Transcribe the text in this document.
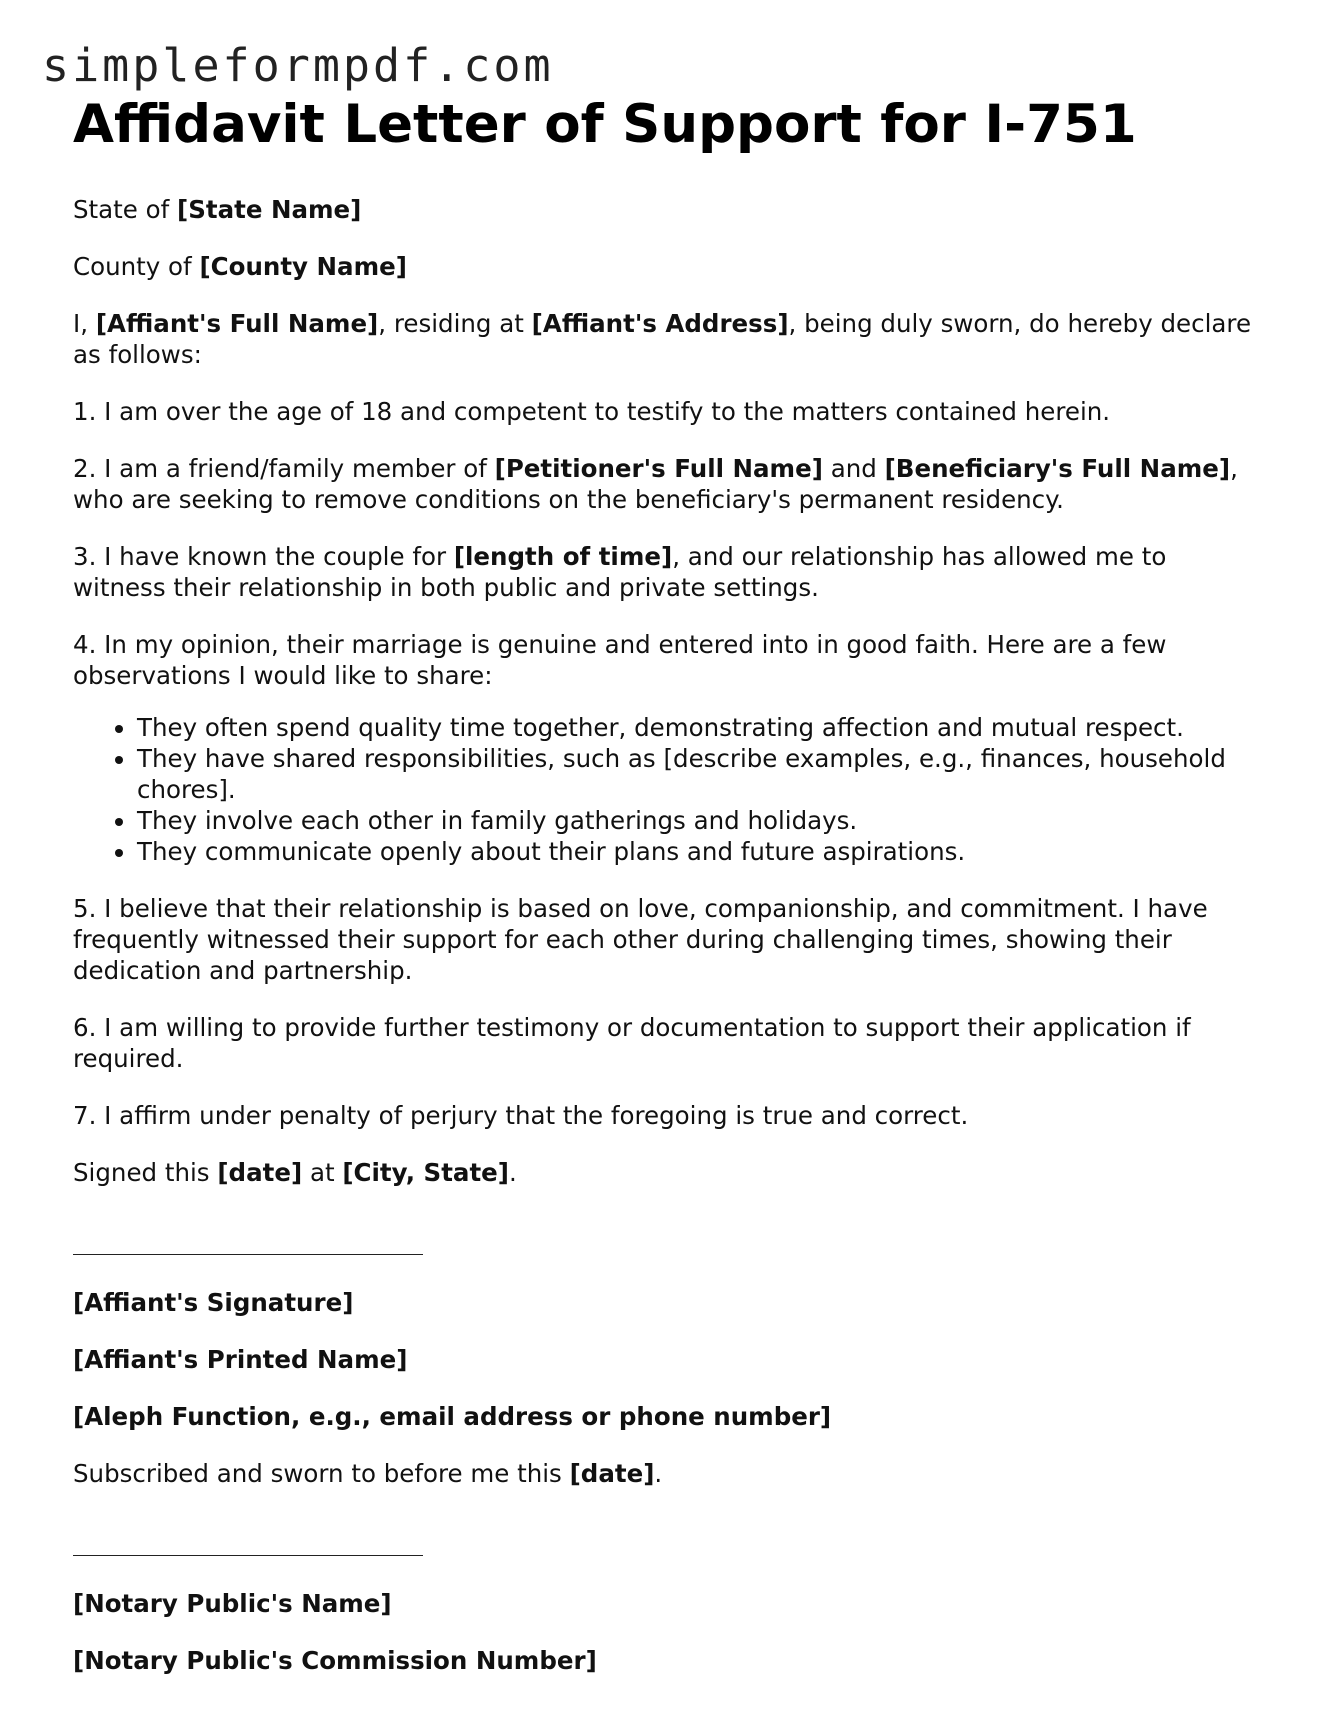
simpleformpdf.com
Affidavit Letter of Support for I-751

State of [State Name]

County of [County Name]

I, [Affiant's Full Name], residing at [Affiant's Address], being duly sworn, do hereby declare as follows:

1. I am over the age of 18 and competent to testify to the matters contained herein.

2. I am a friend/family member of [Petitioner's Full Name] and [Beneficiary's Full Name], who are seeking to remove conditions on the beneficiary's permanent residency.

3. I have known the couple for [length of time], and our relationship has allowed me to witness their relationship in both public and private settings.

4. In my opinion, their marriage is genuine and entered into in good faith. Here are a few observations I would like to share:

• They often spend quality time together, demonstrating affection and mutual respect.
• They have shared responsibilities, such as [describe examples, e.g., finances, household chores].
• They involve each other in family gatherings and holidays.
• They communicate openly about their plans and future aspirations.

5. I believe that their relationship is based on love, companionship, and commitment. I have frequently witnessed their support for each other during challenging times, showing their dedication and partnership.

6. I am willing to provide further testimony or documentation to support their application if required.

7. I affirm under penalty of perjury that the foregoing is true and correct.

Signed this [date] at [City, State].

[Affiant's Signature]

[Affiant's Printed Name]

[Aleph Function, e.g., email address or phone number]

Subscribed and sworn to before me this [date].

[Notary Public's Name]

[Notary Public's Commission Number]
